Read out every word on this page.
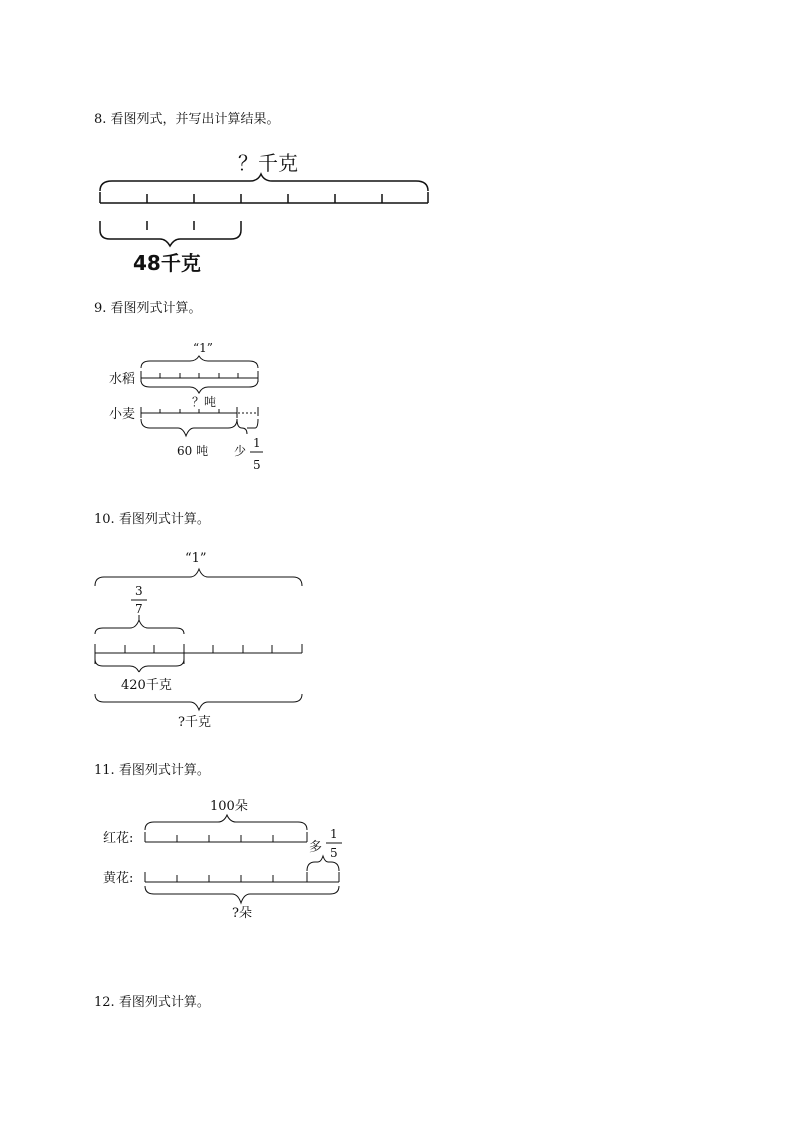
8. 看图列式，并写出计算结果。
？千克
48千克
9. 看图列式计算。
“1”
水稻
？吨
小麦
60 吨 少
1
5
10. 看图列式计算。
“1”
3
7
420千克
?千克
11. 看图列式计算。
100朵
红花:
多
1
5
黄花:
?朵
12. 看图列式计算。
